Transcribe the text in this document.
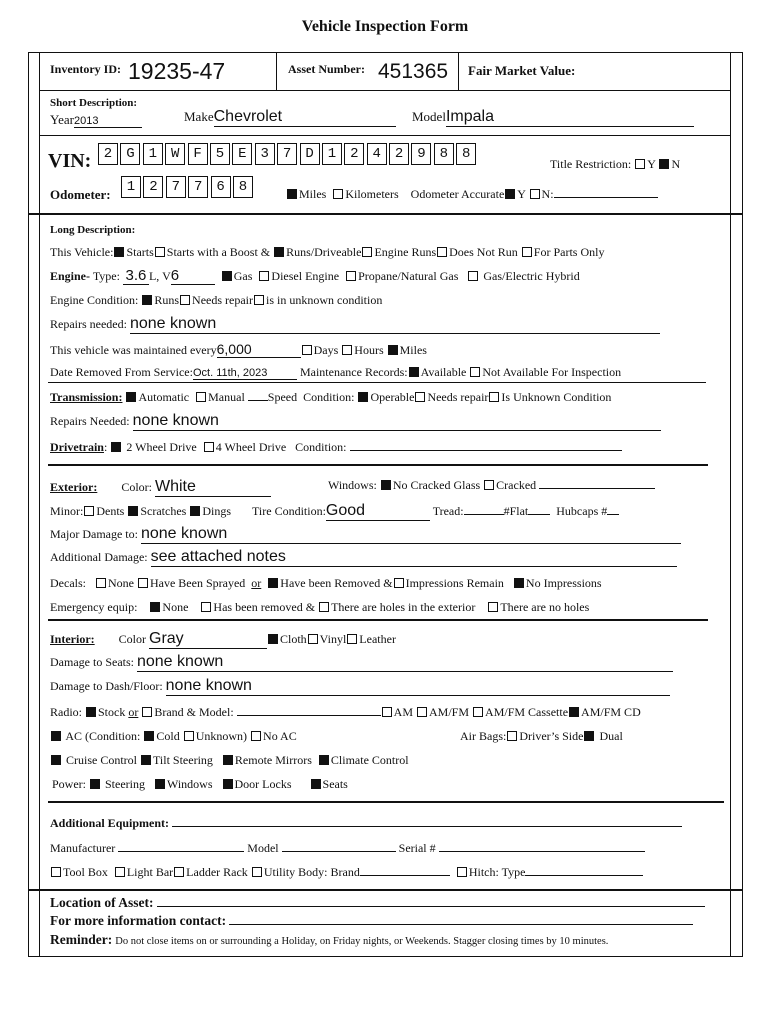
Vehicle Inspection Form
Inventory ID: 19235-47	Asset Number: 451365 Fair Market Value:
Short Description:
Year2013	MakeChevrolet	ModelImpala
VIN: 2 G 1 W F 5 E 3 7 D 1 2 4 2 9 8 8
Title Restriction: Y N
Odometer:	1 2 7 7 6 8	Miles Kilometers Odometer Accurate Y N:
Long Description:
This Vehicle: Starts Starts with a Boost & Runs/Driveable Engine Runs Does Not Run For Parts Only
Engine- Type: 3.6 L, V6	Gas Diesel Engine Propane/Natural Gas Gas/Electric Hybrid
Engine Condition: Runs Needs repair is in unknown condition
Repairs needed: none known
This vehicle was maintained every6,000	Days Hours Miles
Date Removed From Service:Oct. 11th, 2023	Maintenance Records: Available Not Available For Inspection
Transmission: Automatic Manual Speed Condition: Operable Needs repair Is Unknown Condition
Repairs Needed: none known
Drivetrain:  2 Wheel Drive 4 Wheel Drive Condition:
Exterior: Color: White	Windows: No Cracked Glass Cracked
Minor: Dents Scratches Dings Tire Condition:Good	Tread:	#Flat Hubcaps #
Major Damage to: none known
Additional Damage: see attached notes
Decals: None Have Been Sprayed or Have been Removed & Impressions Remain No Impressions
Emergency equip: None Has been removed & There are holes in the exterior There are no holes
Interior: Color Gray	Cloth Vinyl Leather
Damage to Seats: none known
Damage to Dash/Floor: none known
Radio: Stock or Brand & Model:	AM AM/FM AM/FM Cassette AM/FM CD
AC (Condition: Cold Unknown) No AC	Air Bags: Driver’s Side Dual
Cruise Control Tilt Steering Remote Mirrors Climate Control
Power: Steering Windows Door Locks	Seats
Additional Equipment:
Manufacturer	Model	Serial #
Tool Box Light Bar Ladder Rack Utility Body: Brand	Hitch: Type
Location of Asset:
For more information contact:
Reminder: Do not close items on or surrounding a Holiday, on Friday nights, or Weekends. Stagger closing times by 10 minutes.
